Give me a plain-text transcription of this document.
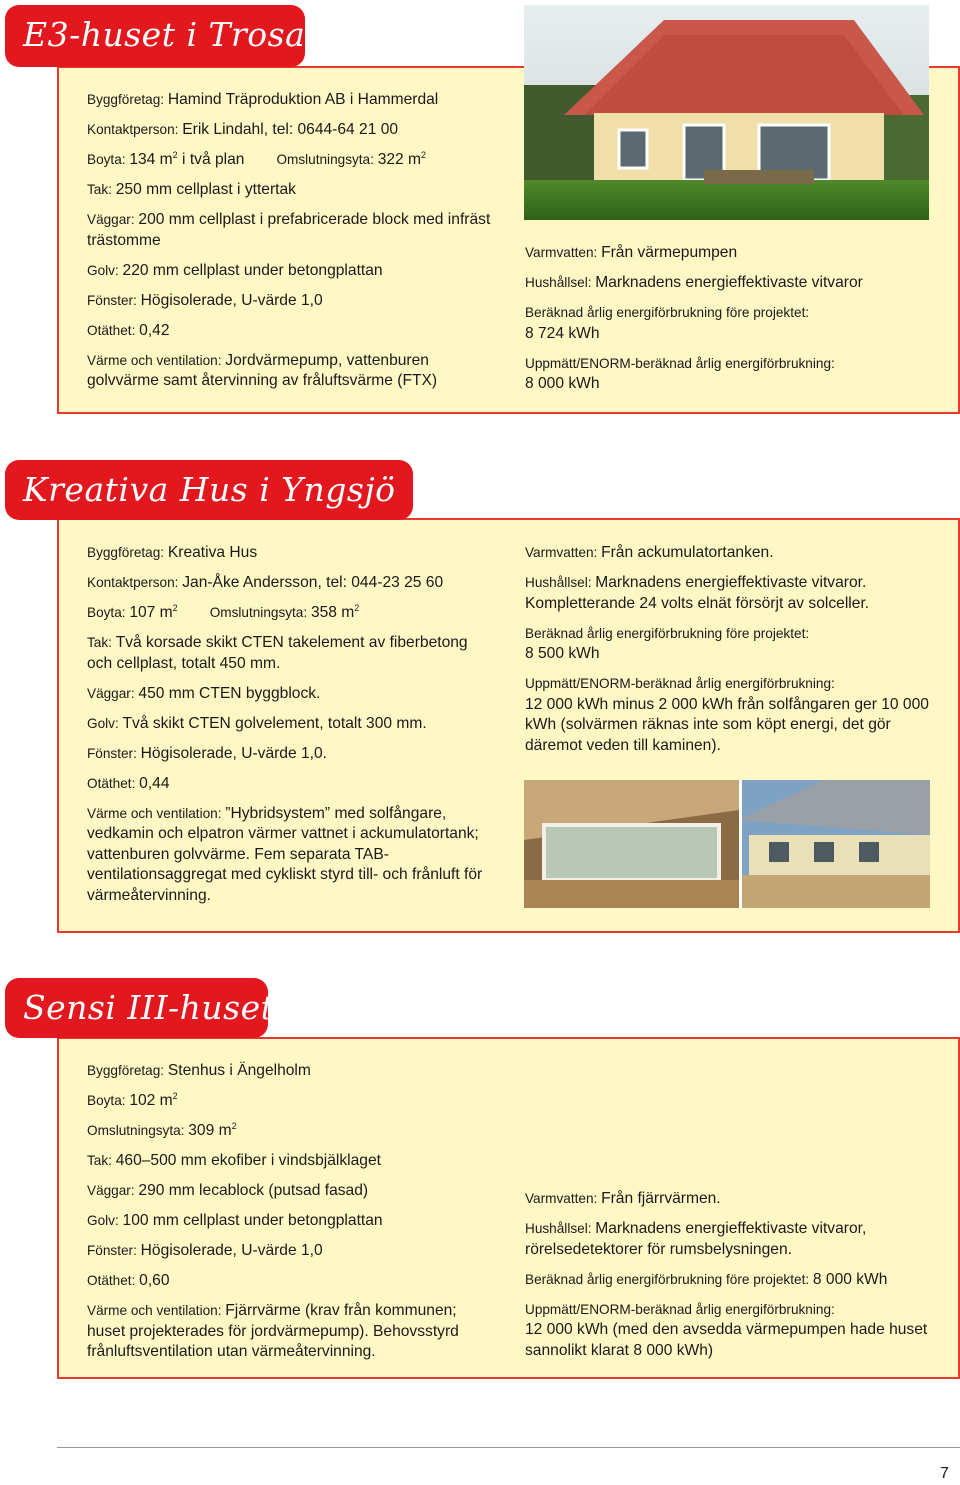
E3-huset i Trosa

Byggföretag: Hamind Träproduktion AB i Hammerdal

Kontaktperson: Erik Lindahl, tel: 0644-64 21 00

Boyta: 134 $m^2$ i två plan Omslutningsyta: 322 $m^2$

Tak: 250 mm cellplast i yttertak

Väggar: 200 mm cellplast i prefabricerade block med infräst trästomme

Golv: 220 mm cellplast under betongplattan

Fönster: Högisolerade, U-värde 1,0

Otäthet: 0,42

Värme och ventilation: Jordvärmepump, vattenburen golvvärme samt återvinning av fråluftsvärme (FTX)

Varmvatten: Från värmepumpen

Hushållsel: Marknadens energieffektivaste vitvaror

Beräknad årlig energiförbrukning före projektet:
8 724 kWh

Uppmätt/ENORM-beräknad årlig energiförbrukning:
8 000 kWh

Kreativa Hus i Yngsjö

Byggföretag: Kreativa Hus

Kontaktperson: Jan-Åke Andersson, tel: 044-23 25 60

Boyta: 107 $m^2$ Omslutningsyta: 358 $m^2$

Tak: Två korsade skikt CTEN takelement av fiberbetong och cellplast, totalt 450 mm.

Väggar: 450 mm CTEN byggblock.

Golv: Två skikt CTEN golvelement, totalt 300 mm.

Fönster: Högisolerade, U-värde 1,0.

Otäthet: 0,44

Värme och ventilation: ”Hybridsystem” med solfångare, vedkamin och elpatron värmer vattnet i ackumulatortank; vattenburen golvvärme. Fem separata TAB-ventilationsaggregat med cykliskt styrd till- och frånluft för värmeåtervinning.

Varmvatten: Från ackumulatortanken.

Hushållsel: Marknadens energieffektivaste vitvaror. Kompletterande 24 volts elnät försörjt av solceller.

Beräknad årlig energiförbrukning före projektet:
8 500 kWh

Uppmätt/ENORM-beräknad årlig energiförbrukning:
12 000 kWh minus 2 000 kWh från solfångaren ger 10 000 kWh (solvärmen räknas inte som köpt energi, det gör däremot veden till kaminen).

Sensi III-huset

Byggföretag: Stenhus i Ängelholm

Boyta: 102 $m^2$

Omslutningsyta: 309 $m^2$

Tak: 460–500 mm ekofiber i vindsbjälklaget

Väggar: 290 mm lecablock (putsad fasad)

Golv: 100 mm cellplast under betongplattan

Fönster: Högisolerade, U-värde 1,0

Otäthet: 0,60

Värme och ventilation: Fjärrvärme (krav från kommunen; huset projekterades för jordvärmepump). Behovsstyrd frånluftsventilation utan värmeåtervinning.

Varmvatten: Från fjärrvärmen.

Hushållsel: Marknadens energieffektivaste vitvaror, rörelsedetektorer för rumsbelysningen.

Beräknad årlig energiförbrukning före projektet: 8 000 kWh

Uppmätt/ENORM-beräknad årlig energiförbrukning:
12 000 kWh (med den avsedda värmepumpen hade huset sannolikt klarat 8 000 kWh)

7
